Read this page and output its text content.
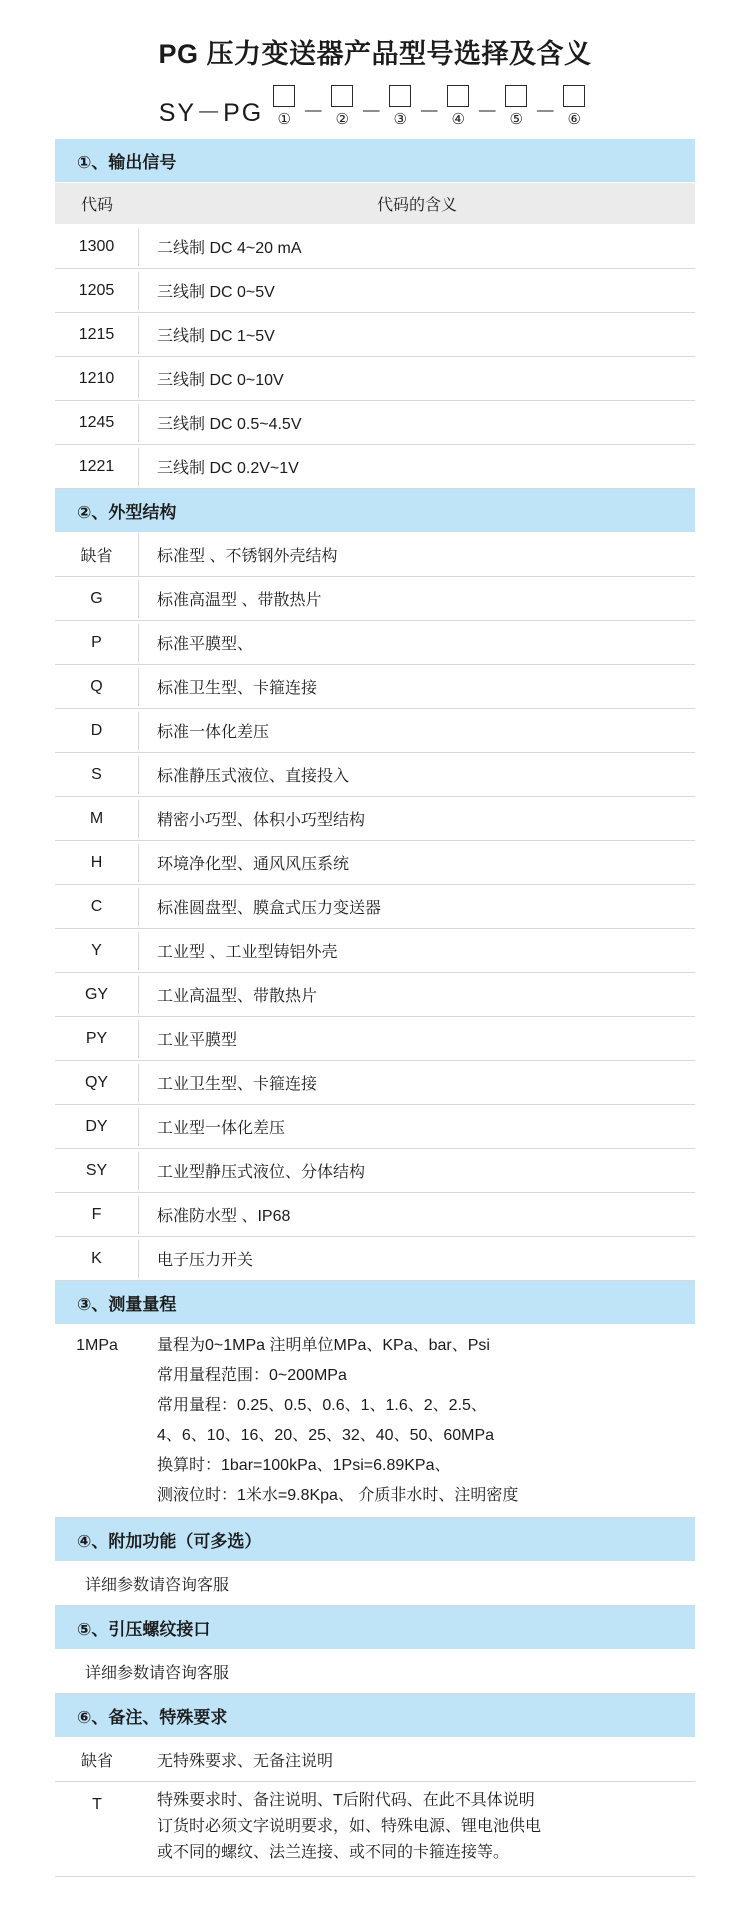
PG 压力变送器产品型号选择及含义
SY－PG ① － ② － ③ － ④ － ⑤ － ⑥
①、输出信号	

代码	代码的含义

1300	二线制 DC 4~20 mA

1205	三线制 DC 0~5V

1215	三线制 DC 1~5V

1210	三线制 DC 0~10V

1245	三线制 DC 0.5~4.5V

1221	三线制 DC 0.2V~1V

②、外型结构	

缺省	标准型 、不锈钢外壳结构

G	标准高温型 、带散热片

P	标准平膜型、

Q	标准卫生型、卡箍连接

D	标准一体化差压

S	标准静压式液位、直接投入

M	精密小巧型、体积小巧型结构

H	环境净化型、通风风压系统

C	标准圆盘型、膜盒式压力变送器

Y	工业型 、工业型铸铝外壳

GY	工业高温型、带散热片

PY	工业平膜型

QY	工业卫生型、卡箍连接

DY	工业型一体化差压

SY	工业型静压式液位、分体结构

F	标准防水型 、IP68

K	电子压力开关

③、测量量程	

1MPa	量程为0~1MPa 注明单位MPa、KPa、bar、Psi
常用量程范围：0~200MPa
常用量程：0.25、0.5、0.6、1、1.6、2、2.5、
4、6、10、16、20、25、32、40、50、60MPa
换算时：1bar=100kPa、1Psi=6.89KPa、
测液位时：1米水=9.8Kpa、 介质非水时、注明密度

④、附加功能（可多选）	

详细参数请咨询客服	

⑤、引压螺纹接口	

详细参数请咨询客服	

⑥、备注、特殊要求	

缺省	无特殊要求、无备注说明

T	特殊要求时、备注说明、T后附代码、在此不具体说明
订货时必须文字说明要求，如、特殊电源、锂电池供电
或不同的螺纹、法兰连接、或不同的卡箍连接等。
